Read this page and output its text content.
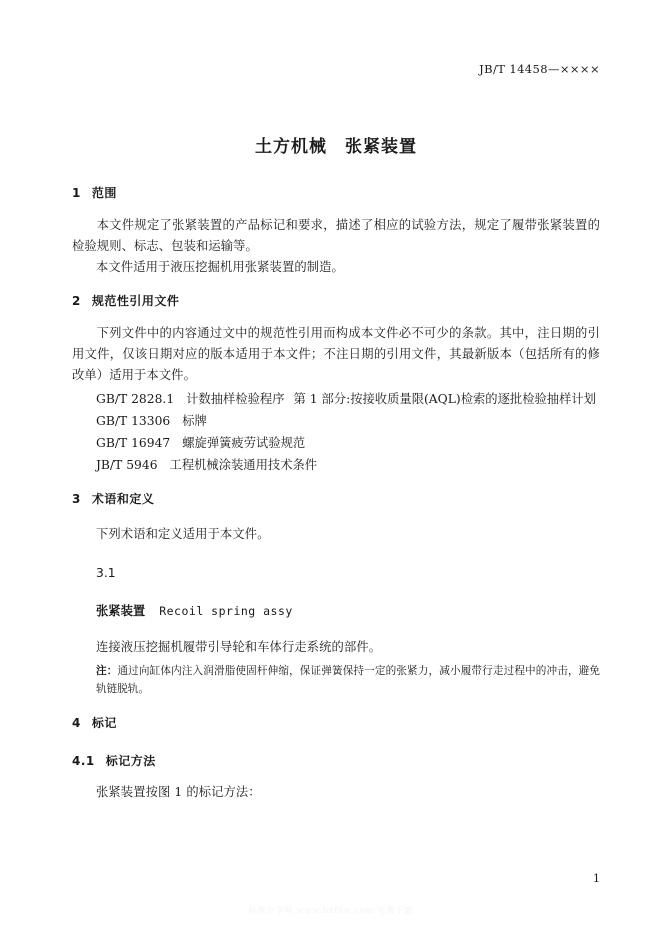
JB/T 14458—××××
土方机械 张紧装置
1 范围
本文件规定了张紧装置的产品标记和要求，描述了相应的试验方法，规定了履带张紧装置的检验规则、标志、包装和运输等。
本文件适用于液压挖掘机用张紧装置的制造。
2 规范性引用文件
下列文件中的内容通过文中的规范性引用而构成本文件必不可少的条款。其中，注日期的引用文件，仅该日期对应的版本适用于本文件；不注日期的引用文件，其最新版本（包括所有的修改单）适用于本文件。
GB/T 2828.1 计数抽样检验程序 第 1 部分:按接收质量限(AQL)检索的逐批检验抽样计划
GB/T 13306 标牌
GB/T 16947 螺旋弹簧疲劳试验规范
JB/T 5946 工程机械涂装通用技术条件
3 术语和定义
下列术语和定义适用于本文件。
3.1
张紧装置 Recoil spring assy
连接液压挖掘机履带引导轮和车体行走系统的部件。
注：通过向缸体内注入润滑脂使固杆伸缩，保证弹簧保持一定的张紧力，减小履带行走过程中的冲击，避免轨链脱轨。
4 标记
4.1 标记方法
张紧装置按图 1 的标记方法：
1
标准分享网 www.bzfxw.com 免费下载
